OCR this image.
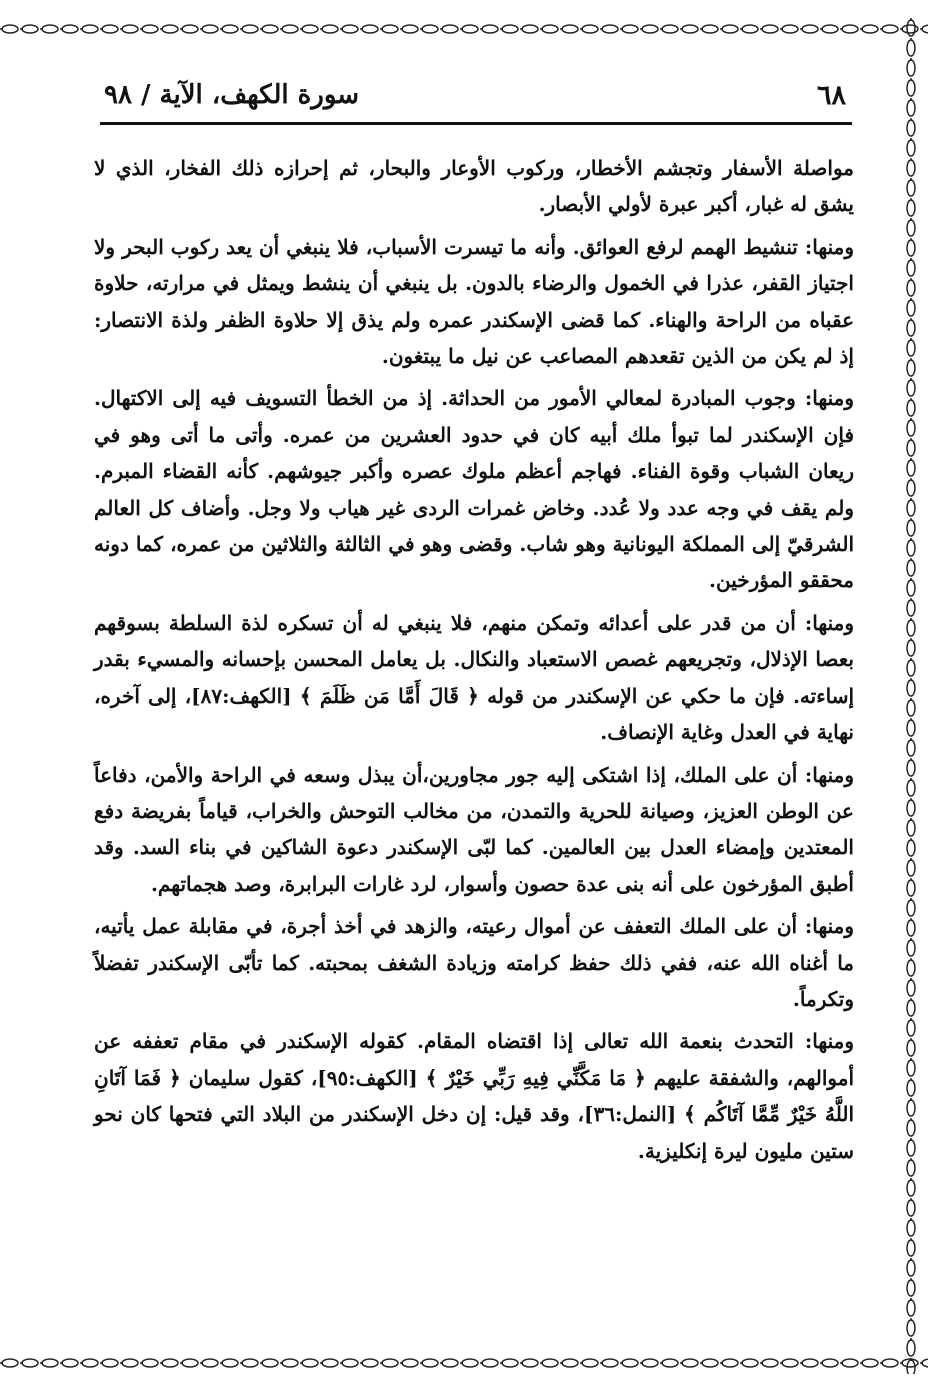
٦٨
سورة الكهف، الآية / ٩٨

مواصلة الأسفار وتجشم الأخطار، وركوب الأوعار والبحار، ثم إحرازه ذلك الفخار، الذي لا يشق له غبار، أكبر عبرة لأولي الأبصار.

ومنها: تنشيط الهمم لرفع العوائق. وأنه ما تيسرت الأسباب، فلا ينبغي أن يعد ركوب البحر ولا اجتياز القفر، عذرا في الخمول والرضاء بالدون. بل ينبغي أن ينشط ويمثل في مرارته، حلاوة عقباه من الراحة والهناء. كما قضى الإسكندر عمره ولم يذق إلا حلاوة الظفر ولذة الانتصار: إذ لم يكن من الذين تقعدهم المصاعب عن نيل ما يبتغون.

ومنها: وجوب المبادرة لمعالي الأمور من الحداثة. إذ من الخطأ التسويف فيه إلى الاكتهال. فإن الإسكندر لما تبوأ ملك أبيه كان في حدود العشرين من عمره. وأتى ما أتى وهو في ريعان الشباب وقوة الفناء. فهاجم أعظم ملوك عصره وأكبر جيوشهم. كأنه القضاء المبرم. ولم يقف في وجه عدد ولا عُدد. وخاض غمرات الردى غير هياب ولا وجل. وأضاف كل العالم الشرقيّ إلى المملكة اليونانية وهو شاب. وقضى وهو في الثالثة والثلاثين من عمره، كما دونه محققو المؤرخين.

ومنها: أن من قدر على أعدائه وتمكن منهم، فلا ينبغي له أن تسكره لذة السلطة بسوقهم بعصا الإذلال، وتجريعهم غصص الاستعباد والنكال. بل يعامل المحسن بإحسانه والمسيء بقدر إساءته. فإن ما حكي عن الإسكندر من قوله ﴿ قَالَ أَمَّا مَن ظَلَمَ ﴾ [الكهف:٨٧]، إلى آخره، نهاية في العدل وغاية الإنصاف.

ومنها: أن على الملك، إذا اشتكى إليه جور مجاورين،أن يبذل وسعه في الراحة والأمن، دفاعاً عن الوطن العزيز، وصيانة للحرية والتمدن، من مخالب التوحش والخراب، قياماً بفريضة دفع المعتدين وإمضاء العدل بين العالمين. كما لبّى الإسكندر دعوة الشاكين في بناء السد. وقد أطبق المؤرخون على أنه بنى عدة حصون وأسوار، لرد غارات البرابرة، وصد هجماتهم.

ومنها: أن على الملك التعفف عن أموال رعيته، والزهد في أخذ أجرة، في مقابلة عمل يأتيه، ما أغناه الله عنه، ففي ذلك حفظ كرامته وزيادة الشغف بمحبته. كما تأبّى الإسكندر تفضلاً وتكرماً.

ومنها: التحدث بنعمة الله تعالى إذا اقتضاه المقام. كقوله الإسكندر في مقام تعففه عن أموالهم، والشفقة عليهم ﴿ مَا مَكَّنِّي فِيهِ رَبِّي خَيْرٌ ﴾ [الكهف:٩٥]، كقول سليمان ﴿ فَمَا آتَانِ اللَّهُ خَيْرٌ مِّمَّا آتَاكُم ﴾ [النمل:٣٦]، وقد قيل: إن دخل الإسكندر من البلاد التي فتحها كان نحو ستين مليون ليرة إنكليزية.
